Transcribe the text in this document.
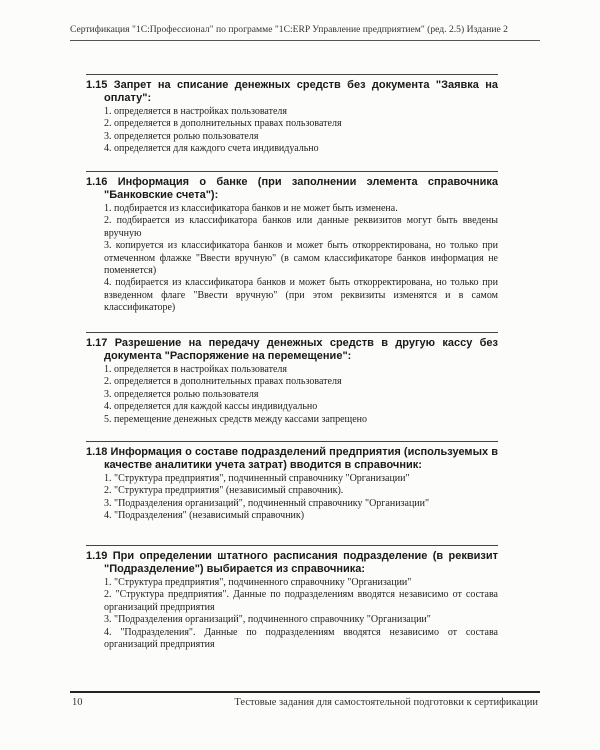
Сертификация "1С:Профессионал" по программе "1С:ERP Управление предприятием" (ред. 2.5) Издание 2

1.15 Запрет на списание денежных средств без документа "Заявка на оплату":

1. определяется в настройках пользователя
2. определяется в дополнительных правах пользователя
3. определяется ролью пользователя
4. определяется для каждого счета индивидуально

1.16 Информация о банке (при заполнении элемента справочника "Банковские счета"):

1. подбирается из классификатора банков и не может быть изменена.
2. подбирается из классификатора банков или данные реквизитов могут быть введены вручную
3. копируется из классификатора банков и может быть откорректирована, но только при отмеченном флажке "Ввести вручную" (в самом классификаторе банков информация не поменяется)
4. подбирается из классификатора банков и может быть откорректирована, но только при взведенном флаге "Ввести вручную" (при этом реквизиты изменятся и в самом классификаторе)

1.17 Разрешение на передачу денежных средств в другую кассу без документа "Распоряжение на перемещение":

1. определяется в настройках пользователя
2. определяется в дополнительных правах пользователя
3. определяется ролью пользователя
4. определяется для каждой кассы индивидуально
5. перемещение денежных средств между кассами запрещено

1.18 Информация о составе подразделений предприятия (используемых в качестве аналитики учета затрат) вводится в справочник:

1. "Структура предприятия", подчиненный справочнику "Организации"
2. "Структура предприятия" (независимый справочник).
3. "Подразделения организаций", подчиненный справочнику "Организации"
4. "Подразделения" (независимый справочник)

1.19 При определении штатного расписания подразделение (в реквизит "Подразделение") выбирается из справочника:

1. "Структура предприятия", подчиненного справочнику "Организации"
2. "Структура предприятия". Данные по подразделениям вводятся независимо от состава организаций предприятия
3. "Подразделения организаций", подчиненного справочнику "Организации"
4. "Подразделения". Данные по подразделениям вводятся независимо от состава организаций предприятия
10	Тестовые задания для самостоятельной подготовки к сертификации
